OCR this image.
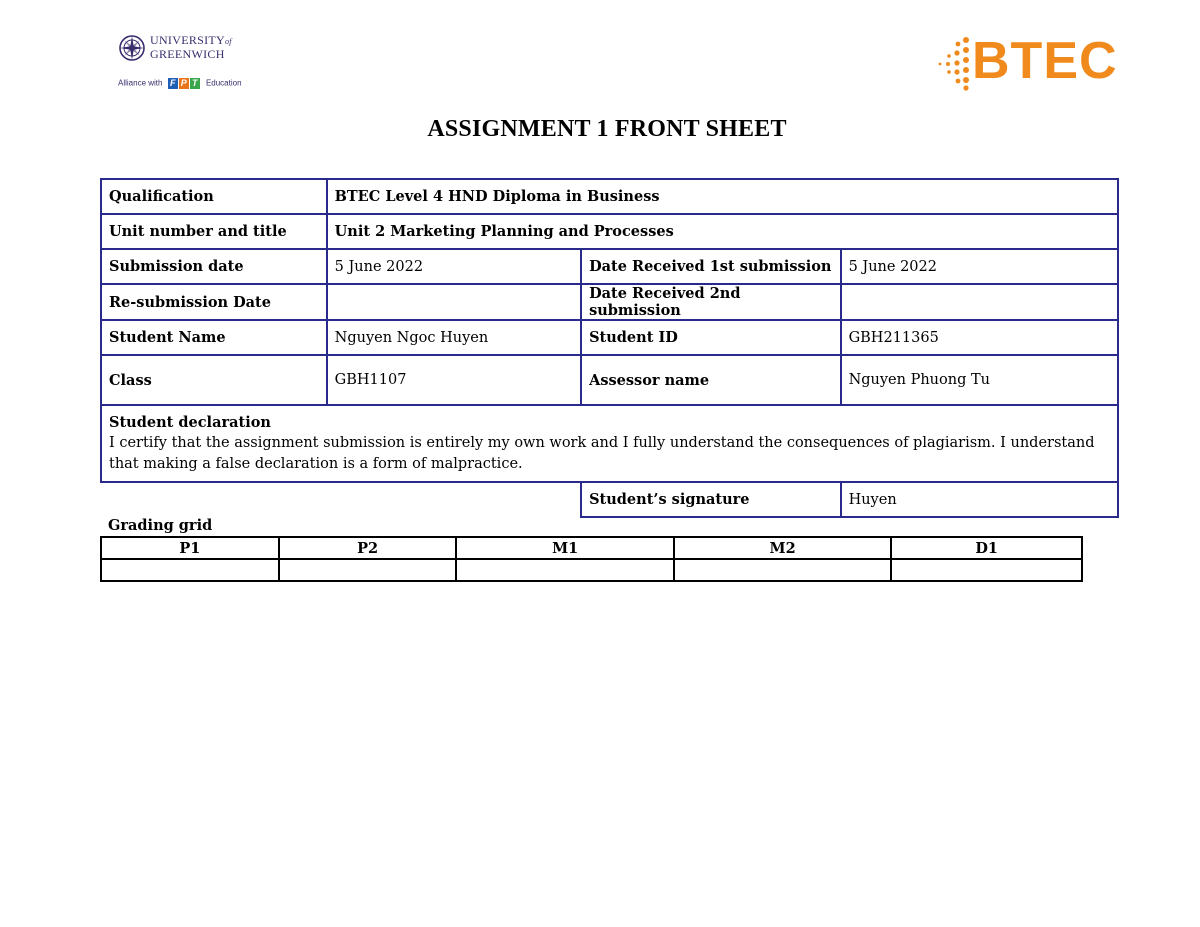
UNIVERSITYof
GREENWICH
Alliance with F P T Education	BTEC
ASSIGNMENT 1 FRONT SHEET
Qualification	BTEC Level 4 HND Diploma in Business		
Unit number and title	Unit 2 Marketing Planning and Processes		
Submission date	5 June 2022	Date Received 1st submission	5 June 2022
Re-submission Date		Date Received 2nd submission	
Student Name	Nguyen Ngoc Huyen	Student ID	GBH211365
Class	GBH1107	Assessor name	Nguyen Phuong Tu

Student declaration
I certify that the assignment submission is entirely my own work and I fully understand the consequences of plagiarism. I understand that making a false declaration is a form of malpractice.			

		Student’s signature	Huyen
Grading grid
P1	P2	M1	M2	D1
